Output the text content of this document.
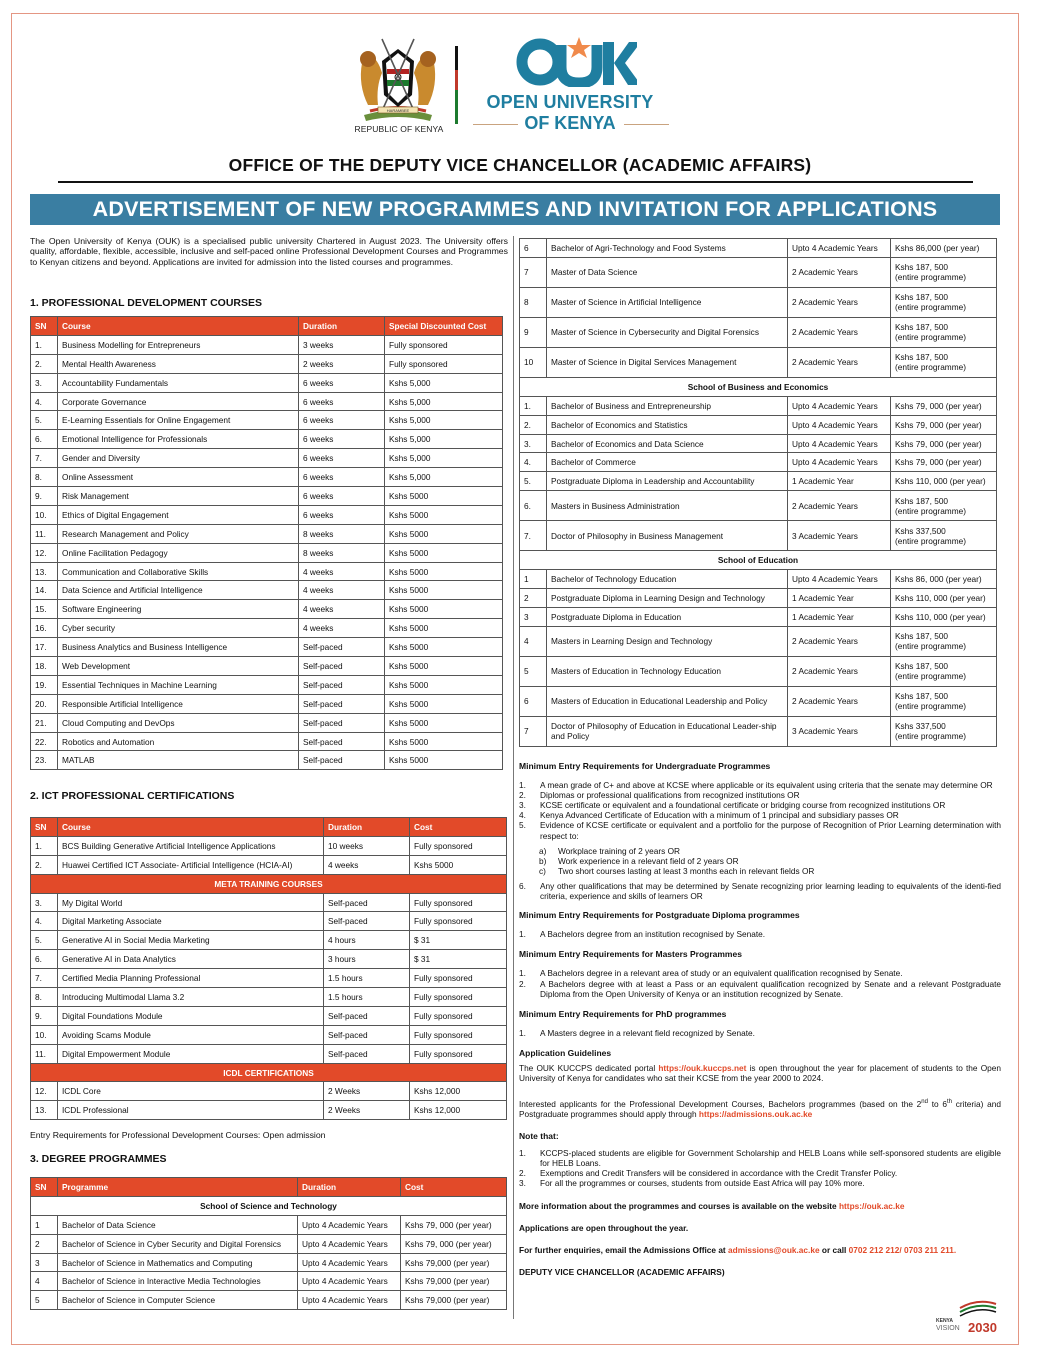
HARAMBEE
REPUBLIC OF KENYA
OPEN UNIVERSITY
OF KENYA
OFFICE OF THE DEPUTY VICE CHANCELLOR (ACADEMIC AFFAIRS)
ADVERTISEMENT OF NEW PROGRAMMES AND INVITATION FOR APPLICATIONS
The Open University of Kenya (OUK) is a specialised public university Chartered in August 2023. The University offers quality, affordable, flexible, accessible, inclusive and self-paced online Professional Development Courses and Programmes to Kenyan citizens and beyond. Applications are invited for admission into the listed courses and programmes.
1. PROFESSIONAL DEVELOPMENT COURSES
SN	Course	Duration	Special Discounted Cost
1.	Business Modelling for Entrepreneurs	3 weeks	Fully sponsored
2.	Mental Health Awareness	2 weeks	Fully sponsored
3.	Accountability Fundamentals	6 weeks	Kshs 5,000
4.	Corporate Governance	6 weeks	Kshs 5,000
5.	E-Learning Essentials for Online Engagement	6 weeks	Kshs 5,000
6.	Emotional Intelligence for Professionals	6 weeks	Kshs 5,000
7.	Gender and Diversity	6 weeks	Kshs 5,000
8.	Online Assessment	6 weeks	Kshs 5,000
9.	Risk Management	6 weeks	Kshs 5000
10.	Ethics of Digital Engagement	6 weeks	Kshs 5000
11.	Research Management and Policy	8 weeks	Kshs 5000
12.	Online Facilitation Pedagogy	8 weeks	Kshs 5000
13.	Communication and Collaborative Skills	4 weeks	Kshs 5000
14.	Data Science and Artificial Intelligence	4 weeks	Kshs 5000
15.	Software Engineering	4 weeks	Kshs 5000
16.	Cyber security	4 weeks	Kshs 5000
17.	Business Analytics and Business Intelligence	Self-paced	Kshs 5000
18.	Web Development	Self-paced	Kshs 5000
19.	Essential Techniques in Machine Learning	Self-paced	Kshs 5000
20.	Responsible Artificial Intelligence	Self-paced	Kshs 5000
21.	Cloud Computing and DevOps	Self-paced	Kshs 5000
22.	Robotics and Automation	Self-paced	Kshs 5000
23.	MATLAB	Self-paced	Kshs 5000
2. ICT PROFESSIONAL CERTIFICATIONS
SN	Course	Duration	Cost
1.	BCS Building Generative Artificial Intelligence Applications	10 weeks	Fully sponsored
2.	Huawei Certified ICT Associate- Artificial Intelligence (HCIA-AI)	4 weeks	Kshs 5000
META TRAINING COURSES			
3.	My Digital World	Self-paced	Fully sponsored
4.	Digital Marketing Associate	Self-paced	Fully sponsored
5.	Generative AI in Social Media Marketing	4 hours	$ 31
6.	Generative AI in Data Analytics	3 hours	$ 31
7.	Certified Media Planning Professional	1.5 hours	Fully sponsored
8.	Introducing Multimodal Llama 3.2	1.5 hours	Fully sponsored
9.	Digital Foundations Module	Self-paced	Fully sponsored
10.	Avoiding Scams Module	Self-paced	Fully sponsored
11.	Digital Empowerment Module	Self-paced	Fully sponsored
ICDL CERTIFICATIONS			
12.	ICDL Core	2 Weeks	Kshs 12,000
13.	ICDL Professional	2 Weeks	Kshs 12,000
Entry Requirements for Professional Development Courses: Open admission
3. DEGREE PROGRAMMES
SN	Programme	Duration	Cost
School of Science and Technology			
1	Bachelor of Data Science	Upto 4 Academic Years	Kshs 79, 000 (per year)
2	Bachelor of Science in Cyber Security and Digital Forensics	Upto 4 Academic Years	Kshs 79, 000 (per year)
3	Bachelor of Science in Mathematics and Computing	Upto 4 Academic Years	Kshs 79,000 (per year)
4	Bachelor of Science in Interactive Media Technologies	Upto 4 Academic Years	Kshs 79,000 (per year)
5	Bachelor of Science in Computer Science	Upto 4 Academic Years	Kshs 79,000 (per year)
6	Bachelor of Agri-Technology and Food Systems	Upto 4 Academic Years	Kshs 86,000 (per year)
7	Master of Data Science	2 Academic Years	Kshs 187, 500
(entire programme)
8	Master of Science in Artificial Intelligence	2 Academic Years	Kshs 187, 500
(entire programme)
9	Master of Science in Cybersecurity and Digital Forensics	2 Academic Years	Kshs 187, 500
(entire programme)
10	Master of Science in Digital Services Management	2 Academic Years	Kshs 187, 500
(entire programme)
School of Business and Economics			
1.	Bachelor of Business and Entrepreneurship	Upto 4 Academic Years	Kshs 79, 000 (per year)
2.	Bachelor of Economics and Statistics	Upto 4 Academic Years	Kshs 79, 000 (per year)
3.	Bachelor of Economics and Data Science	Upto 4 Academic Years	Kshs 79, 000 (per year)
4.	Bachelor of Commerce	Upto 4 Academic Years	Kshs 79, 000 (per year)
5.	Postgraduate Diploma in Leadership and Accountability	1 Academic Year	Kshs 110, 000 (per year)
6.	Masters in Business Administration	2 Academic Years	Kshs 187, 500
(entire programme)
7.	Doctor of Philosophy in Business Management	3 Academic Years	Kshs 337,500
(entire programme)
School of Education			
1	Bachelor of Technology Education	Upto 4 Academic Years	Kshs 86, 000 (per year)
2	Postgraduate Diploma in Learning Design and Technology	1 Academic Year	Kshs 110, 000 (per year)
3	Postgraduate Diploma in Education	1 Academic Year	Kshs 110, 000 (per year)
4	Masters in Learning Design and Technology	2 Academic Years	Kshs 187, 500
(entire programme)
5	Masters of Education in Technology Education	2 Academic Years	Kshs 187, 500
(entire programme)
6	Masters of Education in Educational Leadership and Policy	2 Academic Years	Kshs 187, 500
(entire programme)
7	Doctor of Philosophy of Education in Educational Leader-ship and Policy	3 Academic Years	Kshs 337,500
(entire programme)
Minimum Entry Requirements for Undergraduate Programmes
1. A mean grade of C+ and above at KCSE where applicable or its equivalent using criteria that the senate may determine OR
2. Diplomas or professional qualifications from recognized institutions OR
3. KCSE certificate or equivalent and a foundational certificate or bridging course from recognized institutions OR
4. Kenya Advanced Certificate of Education with a minimum of 1 principal and subsidiary passes OR
5. Evidence of KCSE certificate or equivalent and a portfolio for the purpose of Recognition of Prior Learning determination with respect to:
a) Workplace training of 2 years OR
b) Work experience in a relevant field of 2 years OR
c) Two short courses lasting at least 3 months each in relevant fields OR
6. Any other qualifications that may be determined by Senate recognizing prior learning leading to equivalents of the identi-fied criteria, experience and skills of learners OR
Minimum Entry Requirements for Postgraduate Diploma programmes
1. A Bachelors degree from an institution recognised by Senate.
Minimum Entry Requirements for Masters Programmes
1. A Bachelors degree in a relevant area of study or an equivalent qualification recognised by Senate.
2. A Bachelors degree with at least a Pass or an equivalent qualification recognized by Senate and a relevant Postgraduate Diploma from the Open University of Kenya or an institution recognized by Senate.
Minimum Entry Requirements for PhD programmes
1. A Masters degree in a relevant field recognized by Senate.
Application Guidelines

The OUK KUCCPS dedicated portal https://ouk.kuccps.net is open throughout the year for placement of students to the Open University of Kenya for candidates who sat their KCSE from the year 2000 to 2024.

Interested applicants for the Professional Development Courses, Bachelors programmes (based on the 2nd to 6th criteria) and Postgraduate programmes should apply through https://admissions.ouk.ac.ke

Note that:
1. KCCPS-placed students are eligible for Government Scholarship and HELB Loans while self-sponsored students are eligible for HELB Loans.
2. Exemptions and Credit Transfers will be considered in accordance with the Credit Transfer Policy.
3. For all the programmes or courses, students from outside East Africa will pay 10% more.

More information about the programmes and courses is available on the website https://ouk.ac.ke

Applications are open throughout the year.

For further enquiries, email the Admissions Office at admissions@ouk.ac.ke or call 0702 212 212/ 0703 211 211.

DEPUTY VICE CHANCELLOR (ACADEMIC AFFAIRS)

KENYA
VISION 2030
